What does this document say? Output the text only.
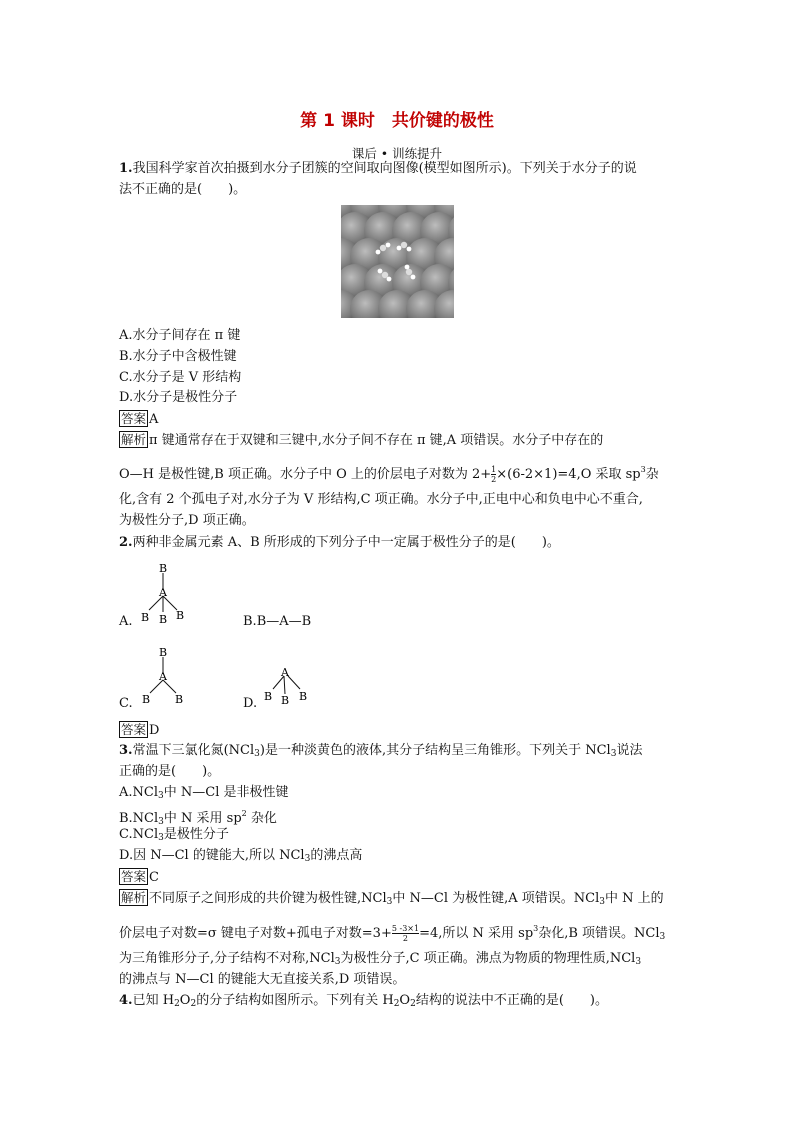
第 1 课时　共价键的极性
课后 • 训练提升
1.我国科学家首次拍摄到水分子团簇的空间取向图像(模型如图所示)。下列关于水分子的说
法不正确的是(　　)。
A.水分子间存在 π 键
B.水分子中含极性键
C.水分子是 V 形结构
D.水分子是极性分子
答案 A
解析 π 键通常存在于双键和三键中,水分子间不存在 π 键,A 项错误。水分子中存在的
O—H 是极性键,B 项正确。水分子中 O 上的价层电子对数为 $2+\frac{1}{2} \times(6-2\times 1)=4,O$ 采取 $sp^3$杂
化,含有 2 个孤电子对,水分子为 V 形结构,C 项正确。水分子中,正电中心和负电中心不重合,
为极性分子,D 项正确。
2.两种非金属元素 A、B 所形成的下列分子中一定属于极性分子的是(　　)。
A.
B
A
B B B	B.B—A—B
C.
B
A
B B	D.
A
B B B
答案 D
3.常温下三氯化氮(NCl$_3$)是一种淡黄色的液体,其分子结构呈三角锥形。下列关于 NCl$_3$说法
正确的是(　　)。
A.NCl$_3$中 N—Cl 是非极性键
B.NCl$_3$中 N 采用 $sp^2$ 杂化
C.NCl$_3$是极性分子
D.因 N—Cl 的键能大,所以 NCl$_3$的沸点高
答案 C
解析 不同原子之间形成的共价键为极性键,NCl$_3$中 N—Cl 为极性键,A 项错误。NCl$_3$中 N 上的
价层电子对数=σ 键电子对数+孤电子对数$=3+\frac{5 -3\times 1}{2} =4$,所以 N 采用 $sp^3$杂化,B 项错误。NCl$_3$
为三角锥形分子,分子结构不对称,NCl$_3$为极性分子,C 项正确。沸点为物质的物理性质,NCl$_3$
的沸点与 N—Cl 的键能大无直接关系,D 项错误。
4.已知 $H_2O_2$的分子结构如图所示。下列有关 $H_2O_2$结构的说法中不正确的是(　　)。
